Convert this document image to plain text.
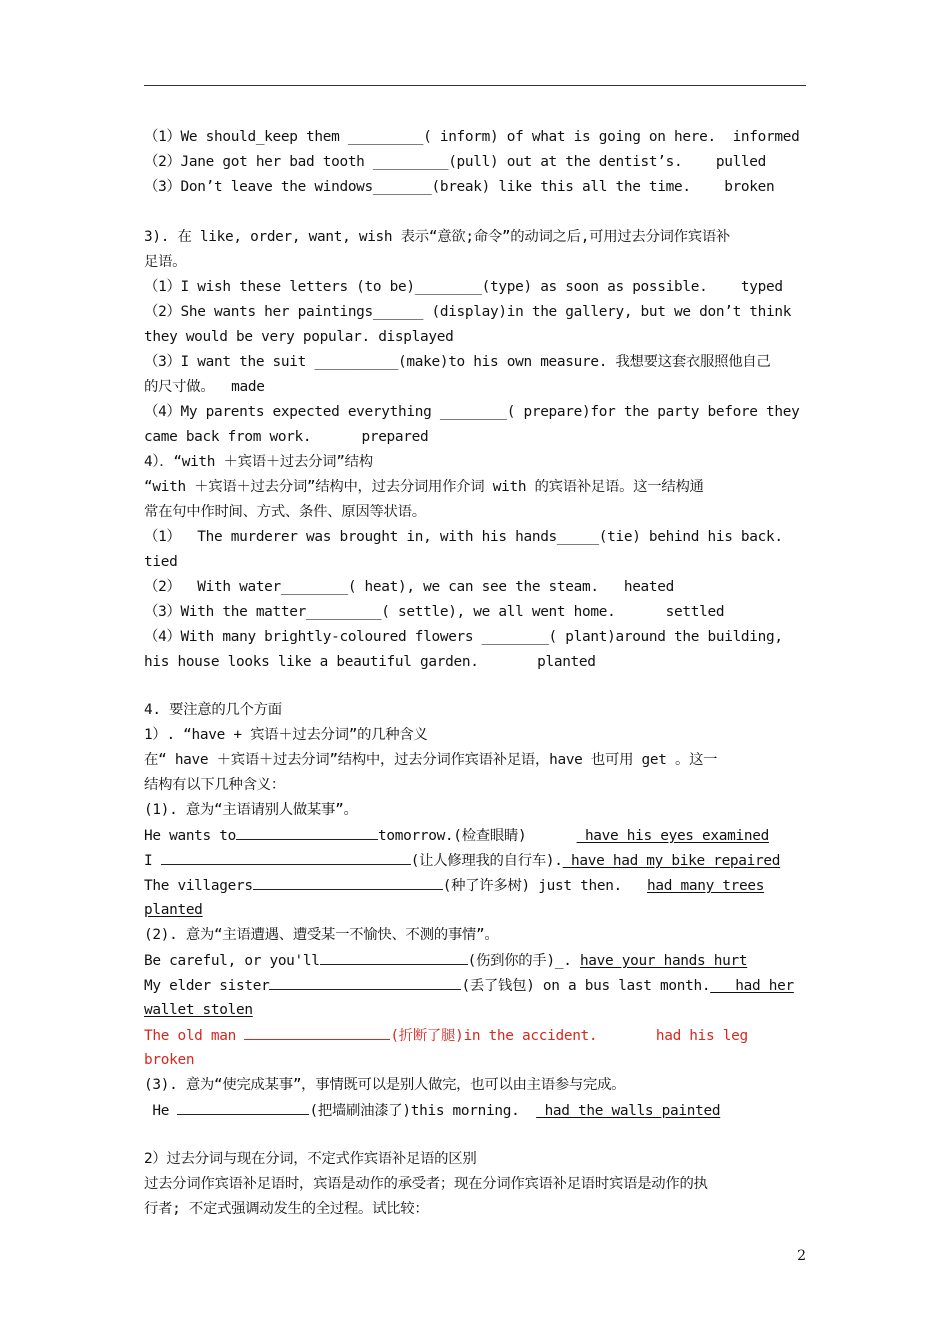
（1）We should_keep them _________( inform) of what is going on here.  informed
（2）Jane got her bad tooth _________(pull) out at the dentist’s.    pulled
（3）Don’t leave the windows_______(break) like this all the time.    broken
3). 在 like, order, want, wish 表示“意欲;命令”的动词之后,可用过去分词作宾语补
足语。
（1）I wish these letters (to be)________(type) as soon as possible.    typed
（2）She wants her paintings______ (display)in the gallery, but we don’t think
they would be very popular. displayed
（3）I want the suit __________(make)to his own measure. 我想要这套衣服照他自己
的尺寸做。  made
（4）My parents expected everything ________( prepare)for the party before they
came back from work.      prepared
4）．“with ＋宾语＋过去分词”结构
“with ＋宾语＋过去分词”结构中，过去分词用作介词 with 的宾语补足语。这一结构通
常在句中作时间、方式、条件、原因等状语。
（1）  The murderer was brought in, with his hands_____(tie) behind his back.
tied
（2）  With water________( heat), we can see the steam.   heated
（3）With the matter_________( settle), we all went home.      settled
（4）With many brightly-coloured flowers ________( plant)around the building,
his house looks like a beautiful garden.       planted
4. 要注意的几个方面
1）. “have + 宾语＋过去分词”的几种含义
在“ have ＋宾语＋过去分词”结构中，过去分词作宾语补足语，have 也可用 get 。这一
结构有以下几种含义：
(1). 意为“主语请别人做某事”。
He wants to	tomorrow.(检查眼睛)       have his eyes examined
I	(让人修理我的自行车). have had my bike repaired
The villagers	(种了许多树) just then.   had many trees
planted
(2). 意为“主语遭遇、遭受某一不愉快、不测的事情”。
Be careful, or you'll	(伤到你的手)_. have your hands hurt
My elder sister	(丢了钱包) on a bus last month.   had her
wallet stolen
The old man	(折断了腿)in the accident.       had his leg
broken
(3). 意为“使完成某事”，事情既可以是别人做完，也可以由主语参与完成。
He	(把墙刷油漆了)this morning.   had the walls painted
2）过去分词与现在分词，不定式作宾语补足语的区别
过去分词作宾语补足语时，宾语是动作的承受者；现在分词作宾语补足语时宾语是动作的执
行者; 不定式强调动发生的全过程。试比较：
2
